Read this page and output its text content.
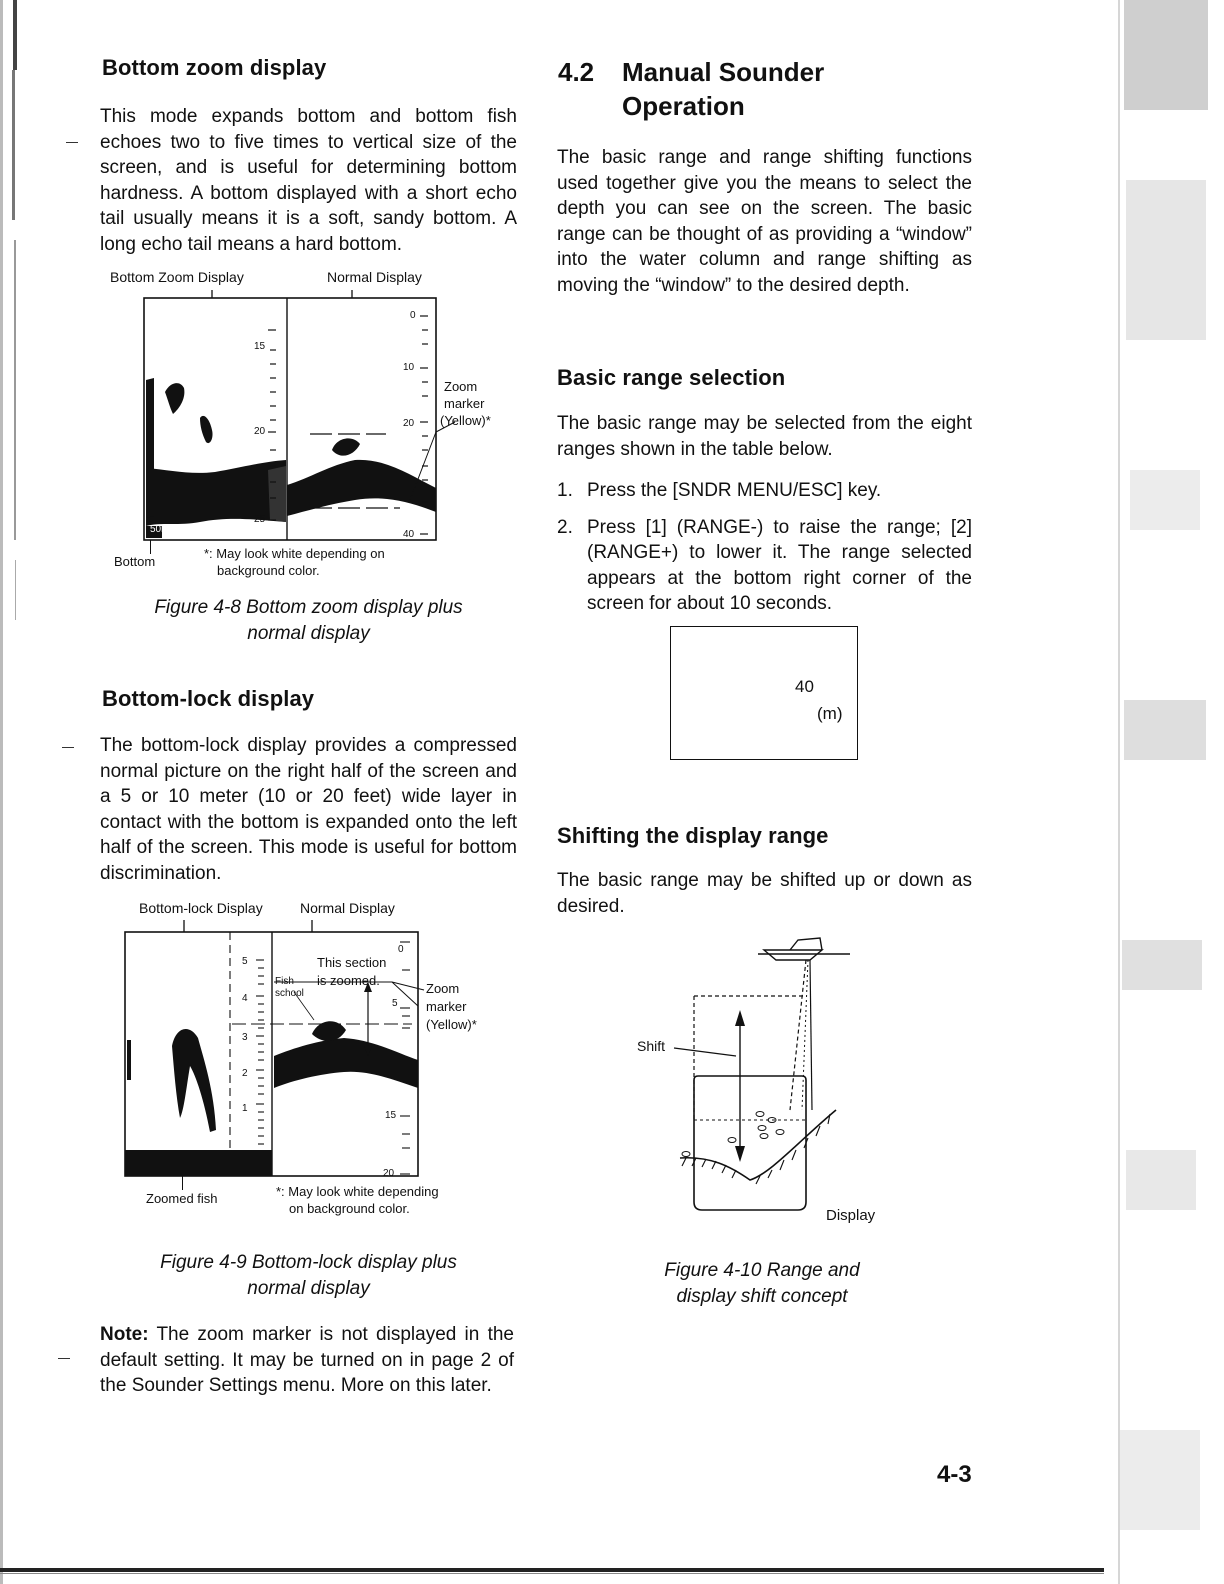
Bottom zoom display
This mode expands bottom and bottom fish echoes two to five times to vertical size of the screen, and is useful for determining bottom hardness. A bottom displayed with a short echo tail usually means it is a soft, sandy bottom. A long echo tail means a hard bottom.
Bottom Zoom Display	Normal Display
15
20
25
0
10
20
40
50k
Zoom
marker
(Yellow)*
Bottom
*: May look white depending on
background color.
Figure 4-8 Bottom zoom display plus
normal display
Bottom-lock display
The bottom-lock display provides a compressed normal picture on the right half of the screen and a 5 or 10 meter (10 or 20 feet) wide layer in contact with the bottom is expanded onto the left half of the screen. This mode is useful for bottom discrimination.
Bottom-lock Display	Normal Display
5
4
3
2
1
0
5
15
20
This section
is zoomed.
Fish
school	Zoom
marker
(Yellow)*
Zoomed fish	*: May look white depending
on background color.
Figure 4-9 Bottom-lock display plus
normal display
Note: The zoom marker is not displayed in the default setting. It may be turned on in page 2 of the Sounder Settings menu. More on this later.
4.2	Manual Sounder
Operation
The basic range and range shifting functions used together give you the means to select the depth you can see on the screen. The basic range can be thought of as providing a “window” into the water column and range shifting as moving the “window” to the desired depth.
Basic range selection
The basic range may be selected from the eight ranges shown in the table below.
1. Press the [SNDR MENU/ESC] key.
2. Press [1] (RANGE-) to raise the range; [2] (RANGE+) to lower it. The range selected appears at the bottom right corner of the screen for about 10 seconds.
40
(m)
Shifting the display range
The basic range may be shifted up or down as desired.
Shift
Display
Figure 4-10 Range and
display shift concept
4-3
